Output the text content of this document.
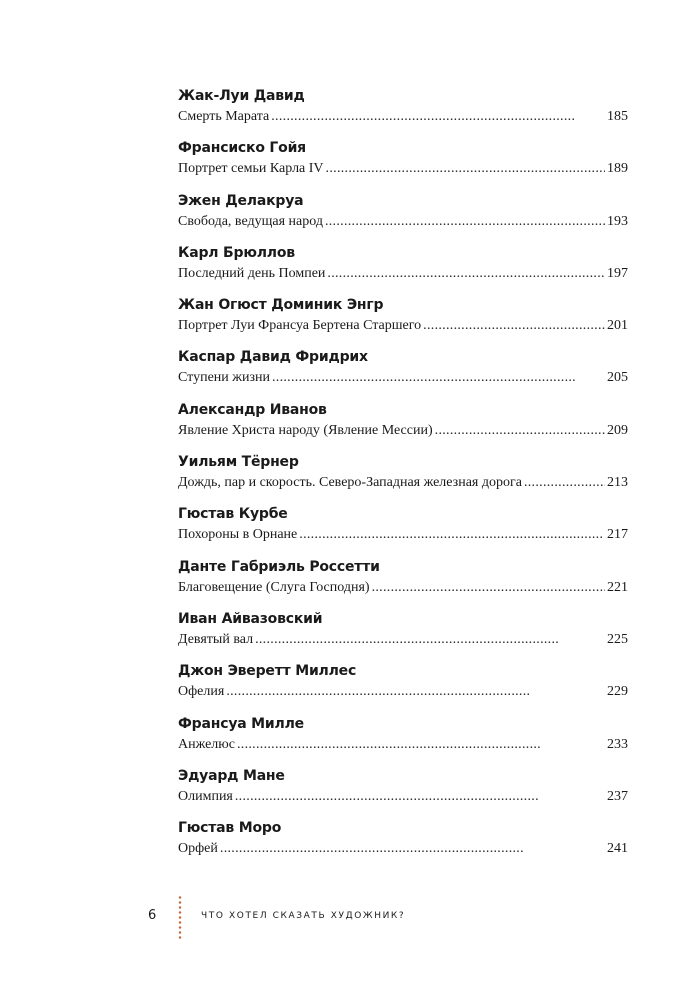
Жак-Луи Давид
Смерть Марата . . .	185
Франсиско Гойя
Портрет семьи Карла IV . . .	189
Эжен Делакруа
Свобода, ведущая народ . . .	193
Карл Брюллов
Последний день Помпеи . . .	197
Жан Огюст Доминик Энгр
Портрет Луи Франсуа Бертена Старшего . . .	201
Каспар Давид Фридрих
Ступени жизни . . .	205
Александр Иванов
Явление Христа народу (Явление Мессии) . . .	209
Уильям Тёрнер
Дождь, пар и скорость. Северо-Западная железная дорога . . .	213
Гюстав Курбе
Похороны в Орнане . . .	217
Данте Габриэль Россетти
Благовещение (Слуга Господня) . . .	221
Иван Айвазовский
Девятый вал . . .	225
Джон Эверетт Миллес
Офелия . . .	229
Франсуа Милле
Анжелюс . . .	233
Эдуард Мане
Олимпия . . .	237
Гюстав Моро
Орфей . . .	241
6	ЧТО ХОТЕЛ СКАЗАТЬ ХУДОЖНИК?
